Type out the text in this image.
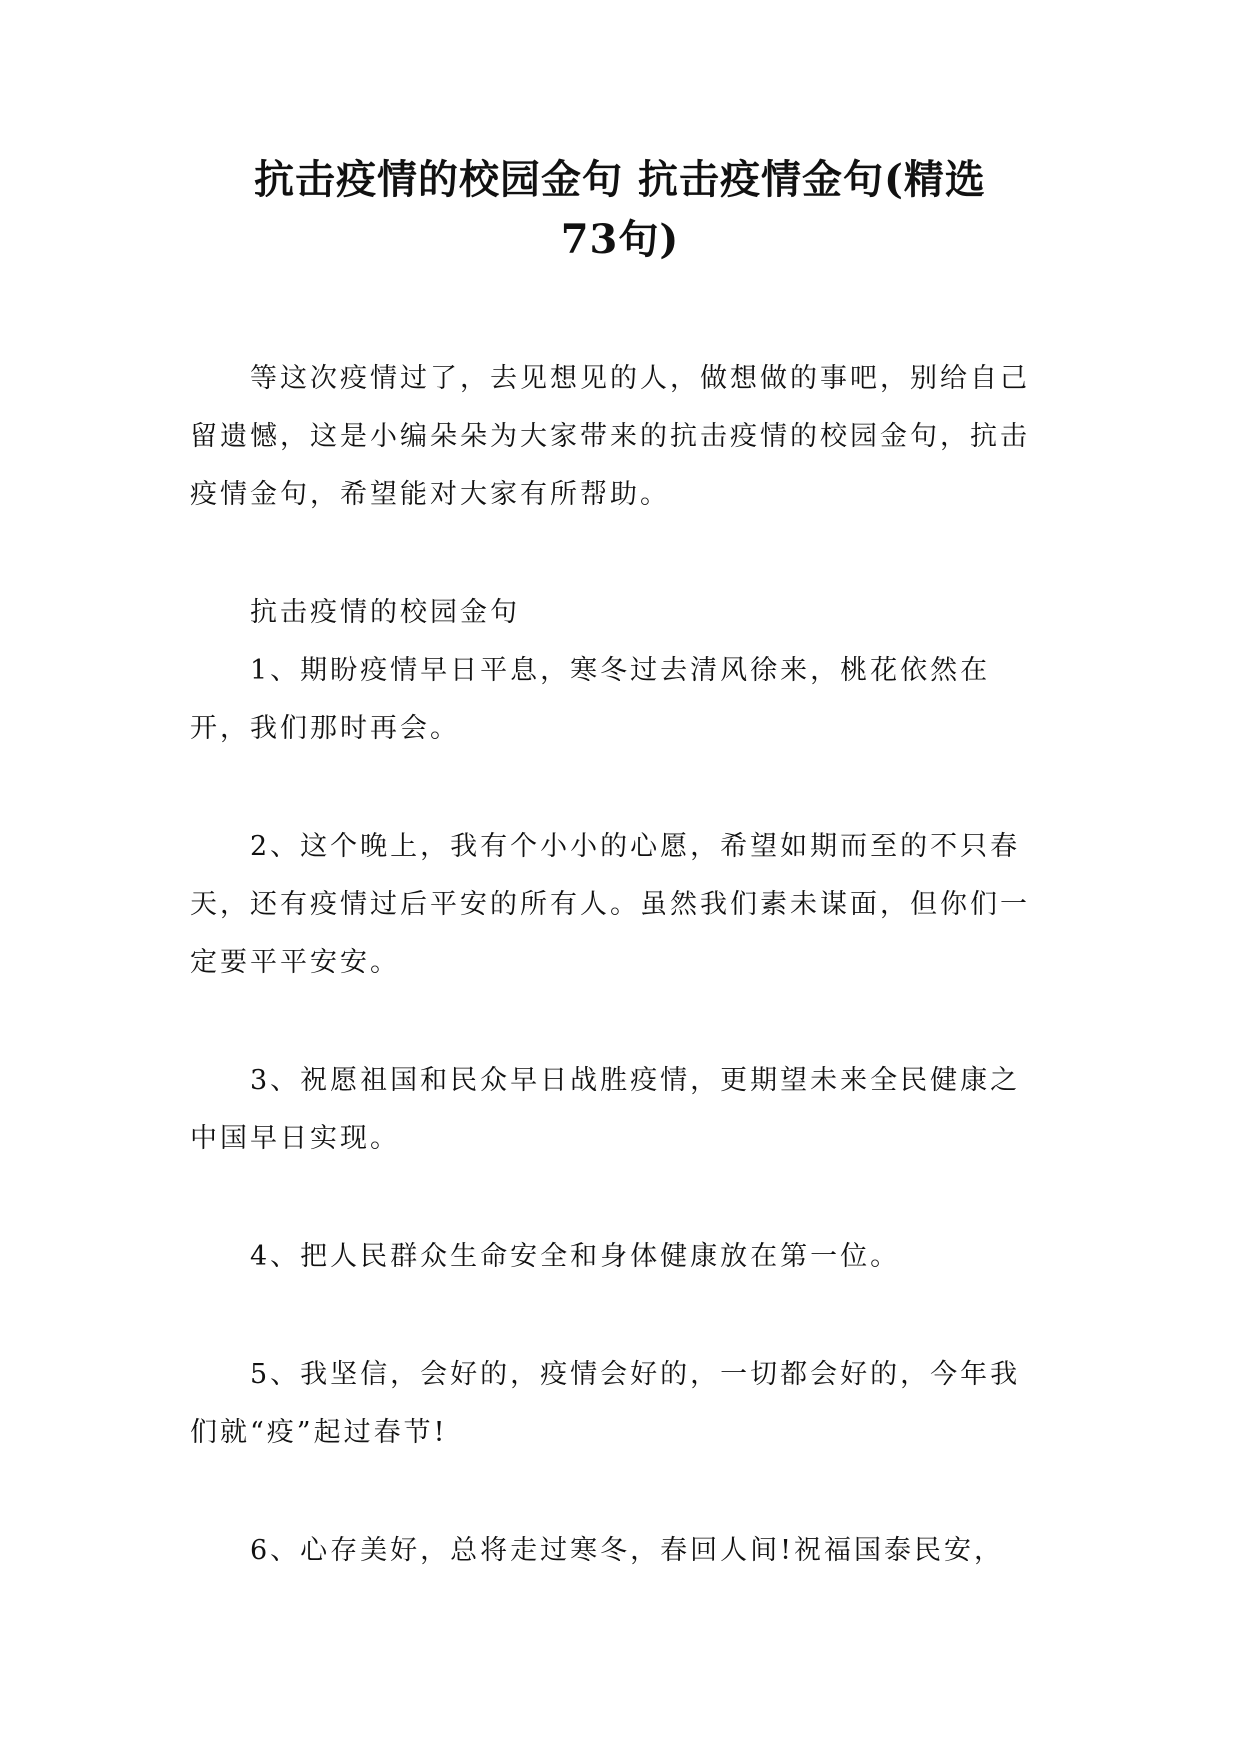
抗击疫情的校园金句 抗击疫情金句(精选
73句)

等这次疫情过了，去见想见的人，做想做的事吧，别给自己留遗憾，这是小编朵朵为大家带来的抗击疫情的校园金句，抗击疫情金句，希望能对大家有所帮助。

抗击疫情的校园金句

1、期盼疫情早日平息，寒冬过去清风徐来，桃花依然在开，我们那时再会。

2、这个晚上，我有个小小的心愿，希望如期而至的不只春天，还有疫情过后平安的所有人。虽然我们素未谋面，但你们一定要平平安安。

3、祝愿祖国和民众早日战胜疫情，更期望未来全民健康之中国早日实现。

4、把人民群众生命安全和身体健康放在第一位。

5、我坚信，会好的，疫情会好的，一切都会好的，今年我们就“疫”起过春节!

6、心存美好，总将走过寒冬，春回人间!祝福国泰民安，
